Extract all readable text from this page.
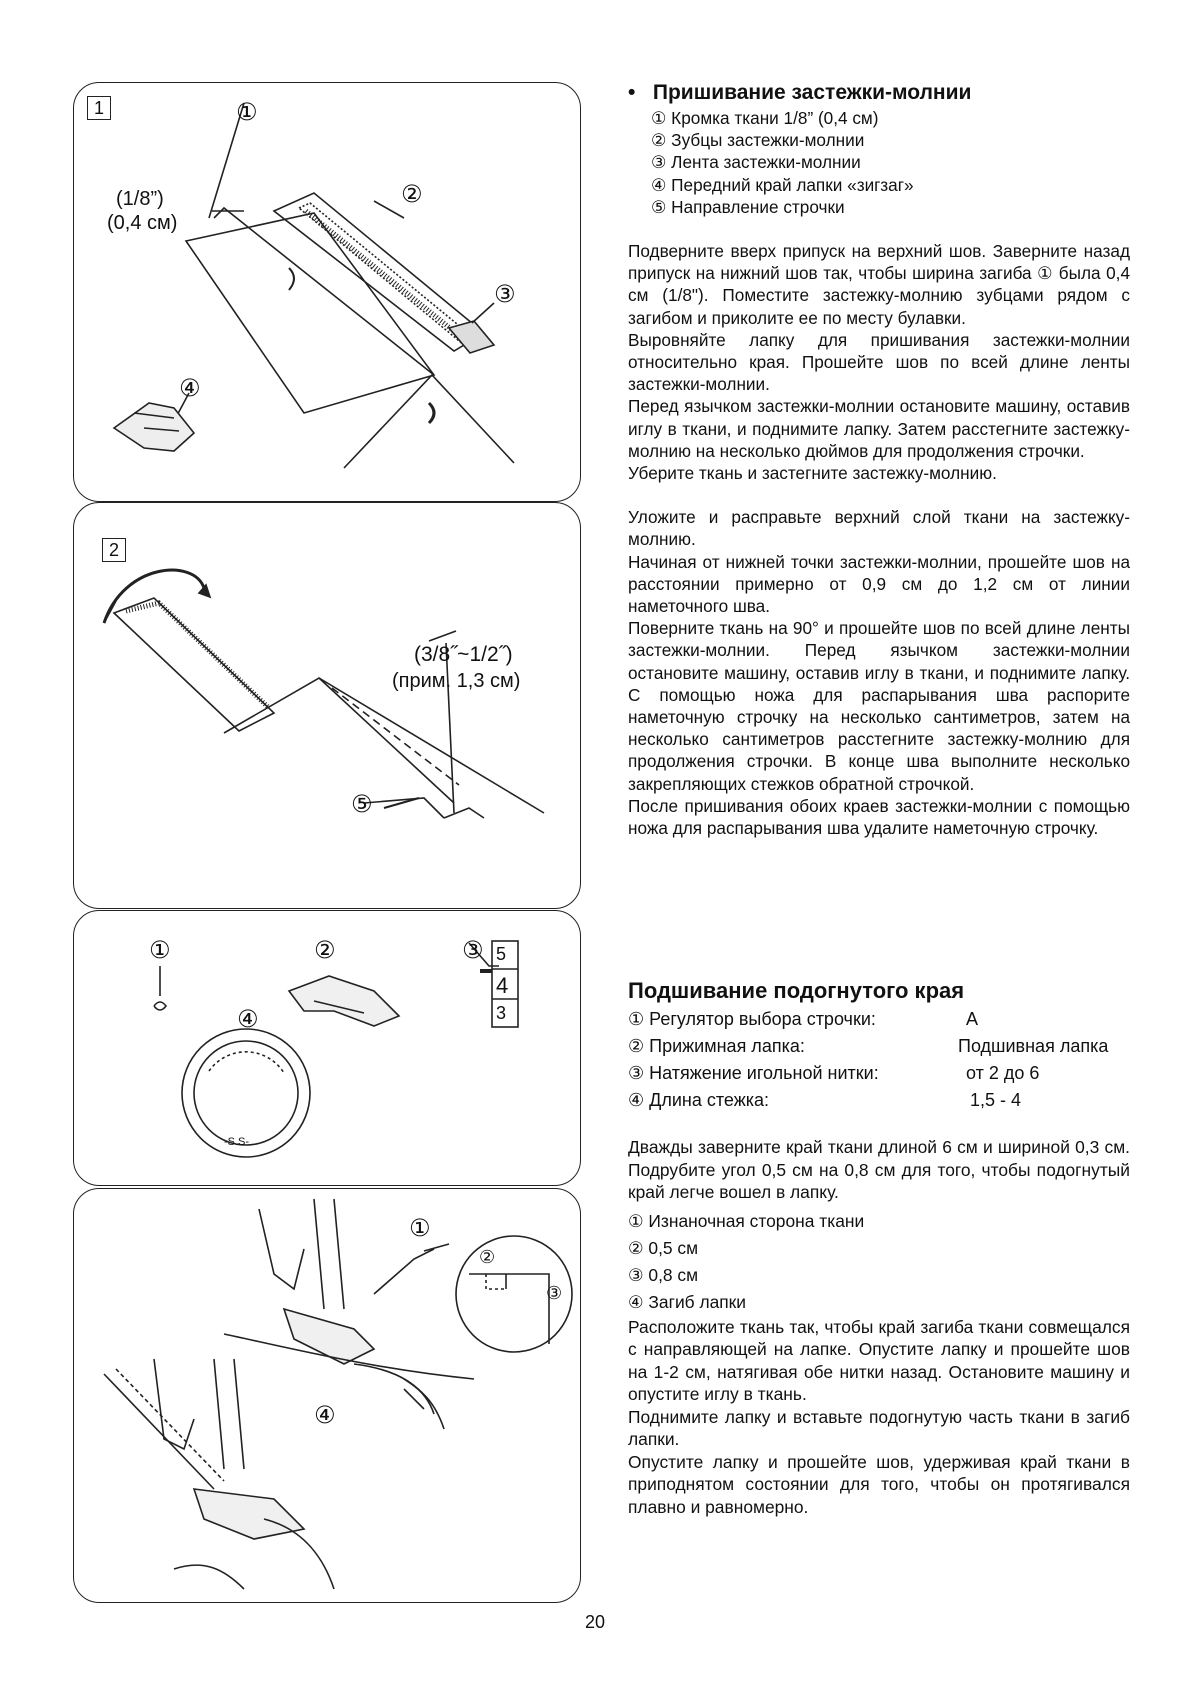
1	①
②
③
④
(1/8”)
(0,4 см)
2
(3/8˝~1/2˝)
(прим. 1,3 см)
⑤
①	②	③
④
-S.S-
5
4
3
①
②
③
④
•   Пришивание застежки-молнии

① Кромка ткани 1/8” (0,4 см)

② Зубцы застежки-молнии

③ Лента застежки-молнии

④ Передний край лапки «зигзаг»

⑤ Направление строчки

Подверните вверх припуск на верхний шов. Заверните назад припуск на нижний шов так, чтобы ширина загиба ① была 0,4 см (1/8"). Поместите застежку-молнию зубцами рядом с загибом и приколите ее по месту булавки.

Выровняйте лапку для пришивания застежки-молнии относительно края. Прошейте шов по всей длине ленты застежки-молнии.

Перед язычком застежки-молнии остановите машину, оставив иглу в ткани, и поднимите лапку. Затем расстегните застежку-молнию на несколько дюймов для продолжения строчки.

Уберите ткань и застегните застежку-молнию.

Уложите и расправьте верхний слой ткани на застежку-молнию.

Начиная от нижней точки застежки-молнии, прошейте шов на расстоянии примерно от 0,9 см до 1,2 см от линии наметочного шва.

Поверните ткань на 90° и прошейте шов по всей длине ленты застежки-молнии. Перед язычком застежки-молнии остановите машину, оставив иглу в ткани, и поднимите лапку. С помощью ножа для распарывания шва распорите наметочную строчку на несколько сантиметров, затем на несколько сантиметров расстегните застежку-молнию для продолжения строчки. В конце шва выполните несколько закрепляющих стежков обратной строчкой.

После пришивания обоих краев застежки-молнии с помощью ножа для распарывания шва удалите наметочную строчку.

Подшивание подогнутого края
① Регулятор выбора строчки:	A
② Прижимная лапка:	Подшивная лапка
③ Натяжение игольной нитки:	от 2 до 6
④ Длина стежка:	1,5 - 4

Дважды заверните край ткани длиной 6 см и шириной 0,3 см. Подрубите угол 0,5 см на 0,8 см для того, чтобы подогнутый край легче вошел в лапку.

① Изнаночная сторона ткани

② 0,5 см

③ 0,8 см

④ Загиб лапки

Расположите ткань так, чтобы край загиба ткани совмещался с направляющей на лапке. Опустите лапку и прошейте шов на 1-2 см, натягивая обе нитки назад. Остановите машину и опустите иглу в ткань.

Поднимите лапку и вставьте подогнутую часть ткани в загиб лапки.

Опустите лапку и прошейте шов, удерживая край ткани в приподнятом состоянии для того, чтобы он протягивался плавно и равномерно.

20
